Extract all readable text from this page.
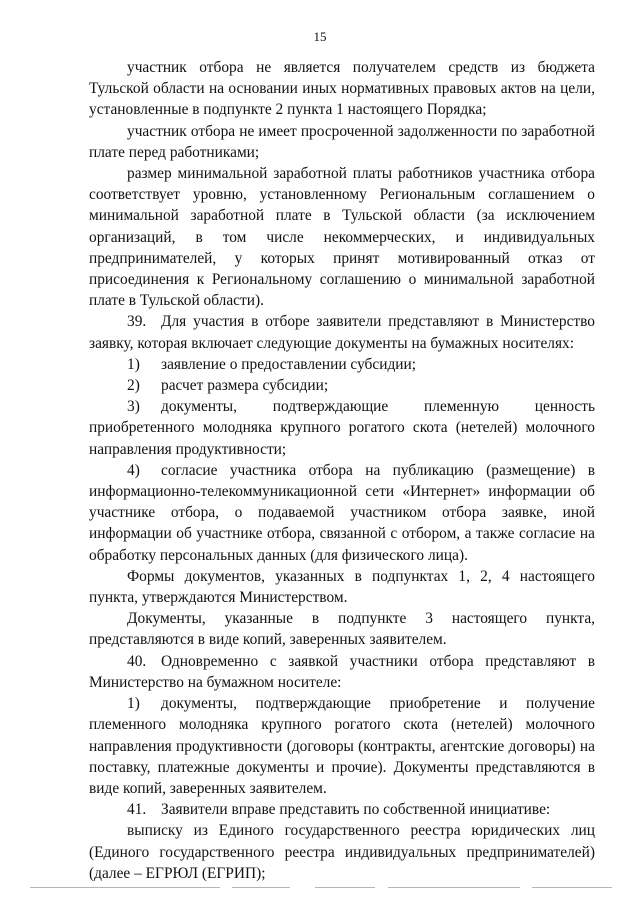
15

участник отбора не является получателем средств из бюджета Тульской области на основании иных нормативных правовых актов на цели, установленные в подпункте 2 пункта 1 настоящего Порядка;

участник отбора не имеет просроченной задолженности по заработной плате перед работниками;

размер минимальной заработной платы работников участника отбора соответствует уровню, установленному Региональным соглашением о минимальной заработной плате в Тульской области (за исключением организаций, в том числе некоммерческих, и индивидуальных предпринимателей, у которых принят мотивированный отказ от присоединения к Региональному соглашению о минимальной заработной плате в Тульской области).

39. Для участия в отборе заявители представляют в Министерство заявку, которая включает следующие документы на бумажных носителях:

1) заявление о предоставлении субсидии;

2) расчет размера субсидии;

3) документы, подтверждающие племенную ценность приобретенного молодняка крупного рогатого скота (нетелей) молочного направления продуктивности;

4) согласие участника отбора на публикацию (размещение) в информационно-телекоммуникационной сети «Интернет» информации об участнике отбора, о подаваемой участником отбора заявке, иной информации об участнике отбора, связанной с отбором, а также согласие на обработку персональных данных (для физического лица).

Формы документов, указанных в подпунктах 1, 2, 4 настоящего пункта, утверждаются Министерством.

Документы, указанные в подпункте 3 настоящего пункта, представляются в виде копий, заверенных заявителем.

40. Одновременно с заявкой участники отбора представляют в Министерство на бумажном носителе:

1) документы, подтверждающие приобретение и получение племенного молодняка крупного рогатого скота (нетелей) молочного направления продуктивности (договоры (контракты, агентские договоры) на поставку, платежные документы и прочие). Документы представляются в виде копий, заверенных заявителем.

41. Заявители вправе представить по собственной инициативе:

выписку из Единого государственного реестра юридических лиц (Единого государственного реестра индивидуальных предпринимателей) (далее – ЕГРЮЛ (ЕГРИП);
